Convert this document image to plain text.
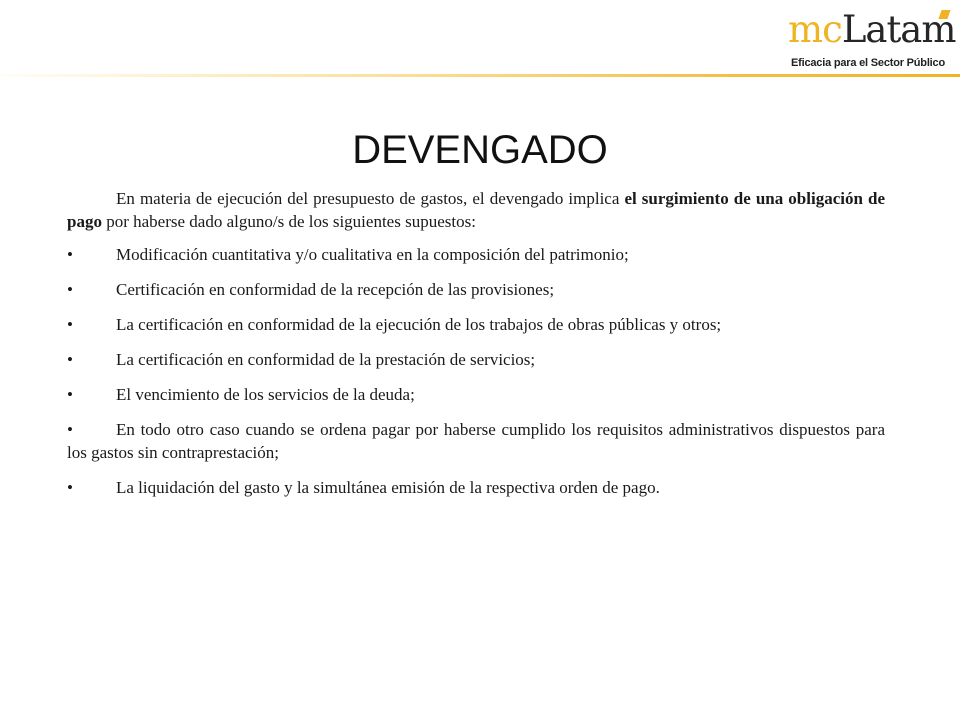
mcLatam
Eficacia para el Sector Público
DEVENGADO

En materia de ejecución del presupuesto de gastos, el devengado implica el surgimiento de una obligación de pago por haberse dado alguno/s de los siguientes supuestos:

•	Modificación cuantitativa y/o cualitativa en la composición del patrimonio;
•	Certificación en conformidad de la recepción de las provisiones;
•	La certificación en conformidad de la ejecución de los trabajos de obras públicas y otros;
•	La certificación en conformidad de la prestación de servicios;
•	El vencimiento de los servicios de la deuda;
•	En todo otro caso cuando se ordena pagar por haberse cumplido los requisitos administrativos dispuestos para los gastos sin contraprestación;
•	La liquidación del gasto y la simultánea emisión de la respectiva orden de pago.
